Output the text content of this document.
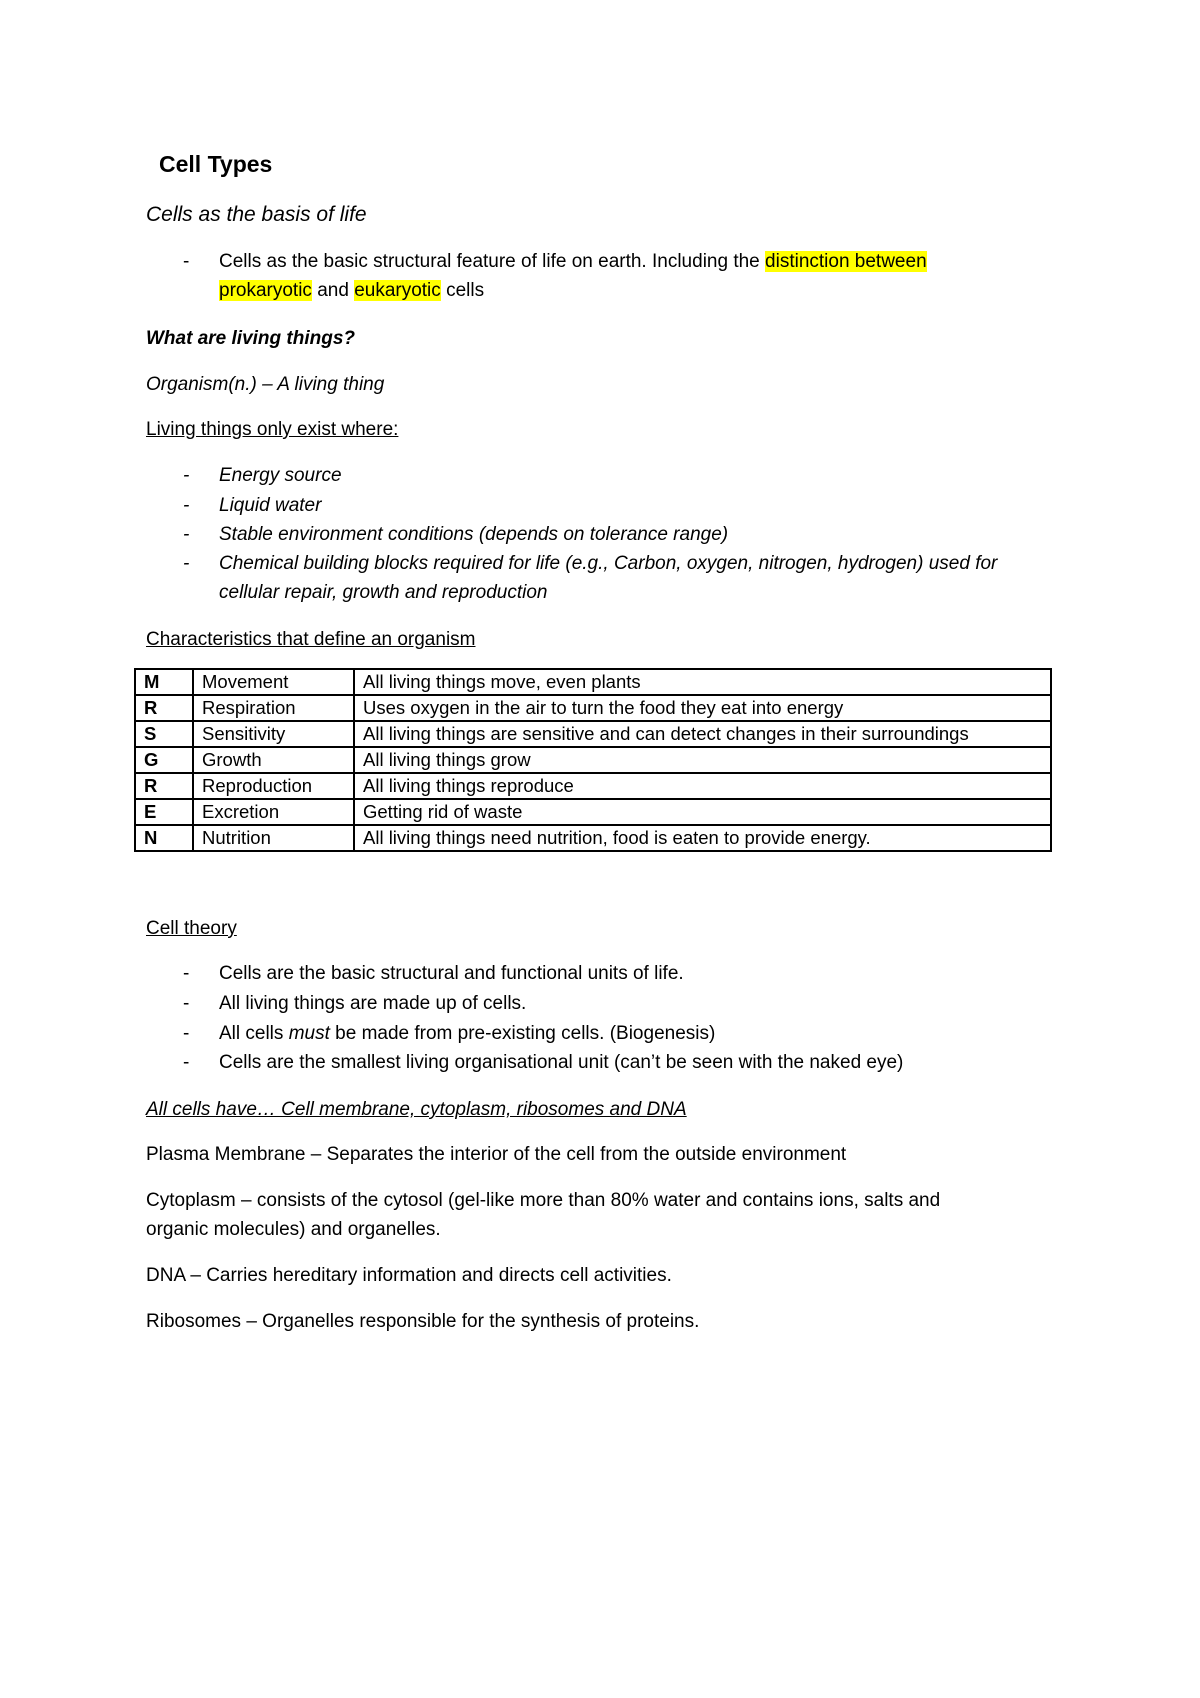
Cell Types
Cells as the basis of life
- Cells as the basic structural feature of life on earth. Including the distinction between
prokaryotic and eukaryotic cells
What are living things?
Organism(n.) – A living thing
Living things only exist where:
- Energy source
- Liquid water
- Stable environment conditions (depends on tolerance range)
- Chemical building blocks required for life (e.g., Carbon, oxygen, nitrogen, hydrogen) used for
cellular repair, growth and reproduction
Characteristics that define an organism
M	Movement	All living things move, even plants
R	Respiration	Uses oxygen in the air to turn the food they eat into energy
S	Sensitivity	All living things are sensitive and can detect changes in their surroundings
G	Growth	All living things grow
R	Reproduction	All living things reproduce
E	Excretion	Getting rid of waste
N	Nutrition	All living things need nutrition, food is eaten to provide energy.
Cell theory
- Cells are the basic structural and functional units of life.
- All living things are made up of cells.
- All cells must be made from pre-existing cells. (Biogenesis)
- Cells are the smallest living organisational unit (can’t be seen with the naked eye)
All cells have… Cell membrane, cytoplasm, ribosomes and DNA
Plasma Membrane – Separates the interior of the cell from the outside environment
Cytoplasm – consists of the cytosol (gel-like more than 80% water and contains ions, salts and
organic molecules) and organelles.
DNA – Carries hereditary information and directs cell activities.
Ribosomes – Organelles responsible for the synthesis of proteins.
